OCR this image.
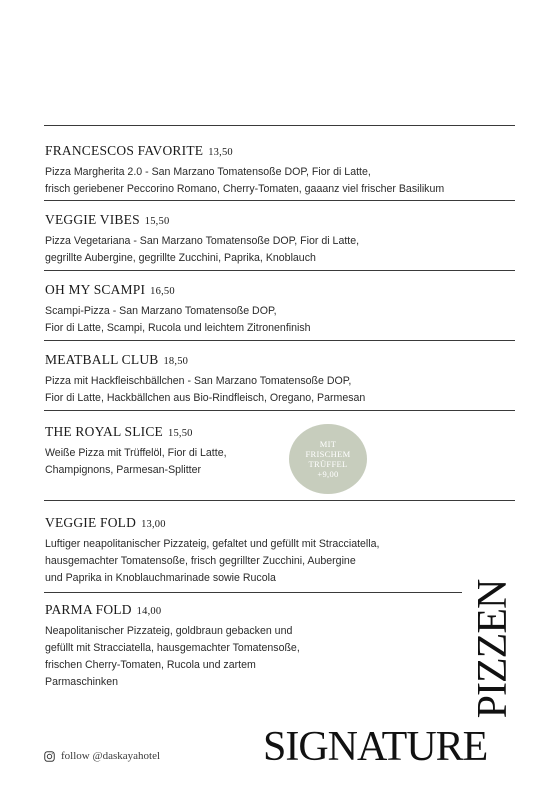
FRANCESCOS FAVORITE 13,50
Pizza Margherita 2.0 - San Marzano Tomatensoße DOP, Fior di Latte,
frisch geriebener Peccorino Romano, Cherry-Tomaten, gaaanz viel frischer Basilikum
VEGGIE VIBES 15,50
Pizza Vegetariana - San Marzano Tomatensoße DOP, Fior di Latte,
gegrillte Aubergine, gegrillte Zucchini, Paprika, Knoblauch
OH MY SCAMPI 16,50
Scampi-Pizza - San Marzano Tomatensoße DOP,
Fior di Latte, Scampi, Rucola und leichtem Zitronenfinish
MEATBALL CLUB 18,50
Pizza mit Hackfleischbällchen - San Marzano Tomatensoße DOP,
Fior di Latte, Hackbällchen aus Bio-Rindfleisch, Oregano, Parmesan
THE ROYAL SLICE 15,50
Weiße Pizza mit Trüffelöl, Fior di Latte,
Champignons, Parmesan-Splitter
MIT
FRISCHEM
TRÜFFEL
+9,00
VEGGIE FOLD 13,00
Luftiger neapolitanischer Pizzateig, gefaltet und gefüllt mit Stracciatella,
hausgemachter Tomatensoße, frisch gegrillter Zucchini, Aubergine
und Paprika in Knoblauchmarinade sowie Rucola
PARMA FOLD 14,00
Neapolitanischer Pizzateig, goldbraun gebacken und
gefüllt mit Stracciatella, hausgemachter Tomatensoße,
frischen Cherry-Tomaten, Rucola und zartem
Parmaschinken
follow @daskayahotel SIGNATURE
PIZZEN
